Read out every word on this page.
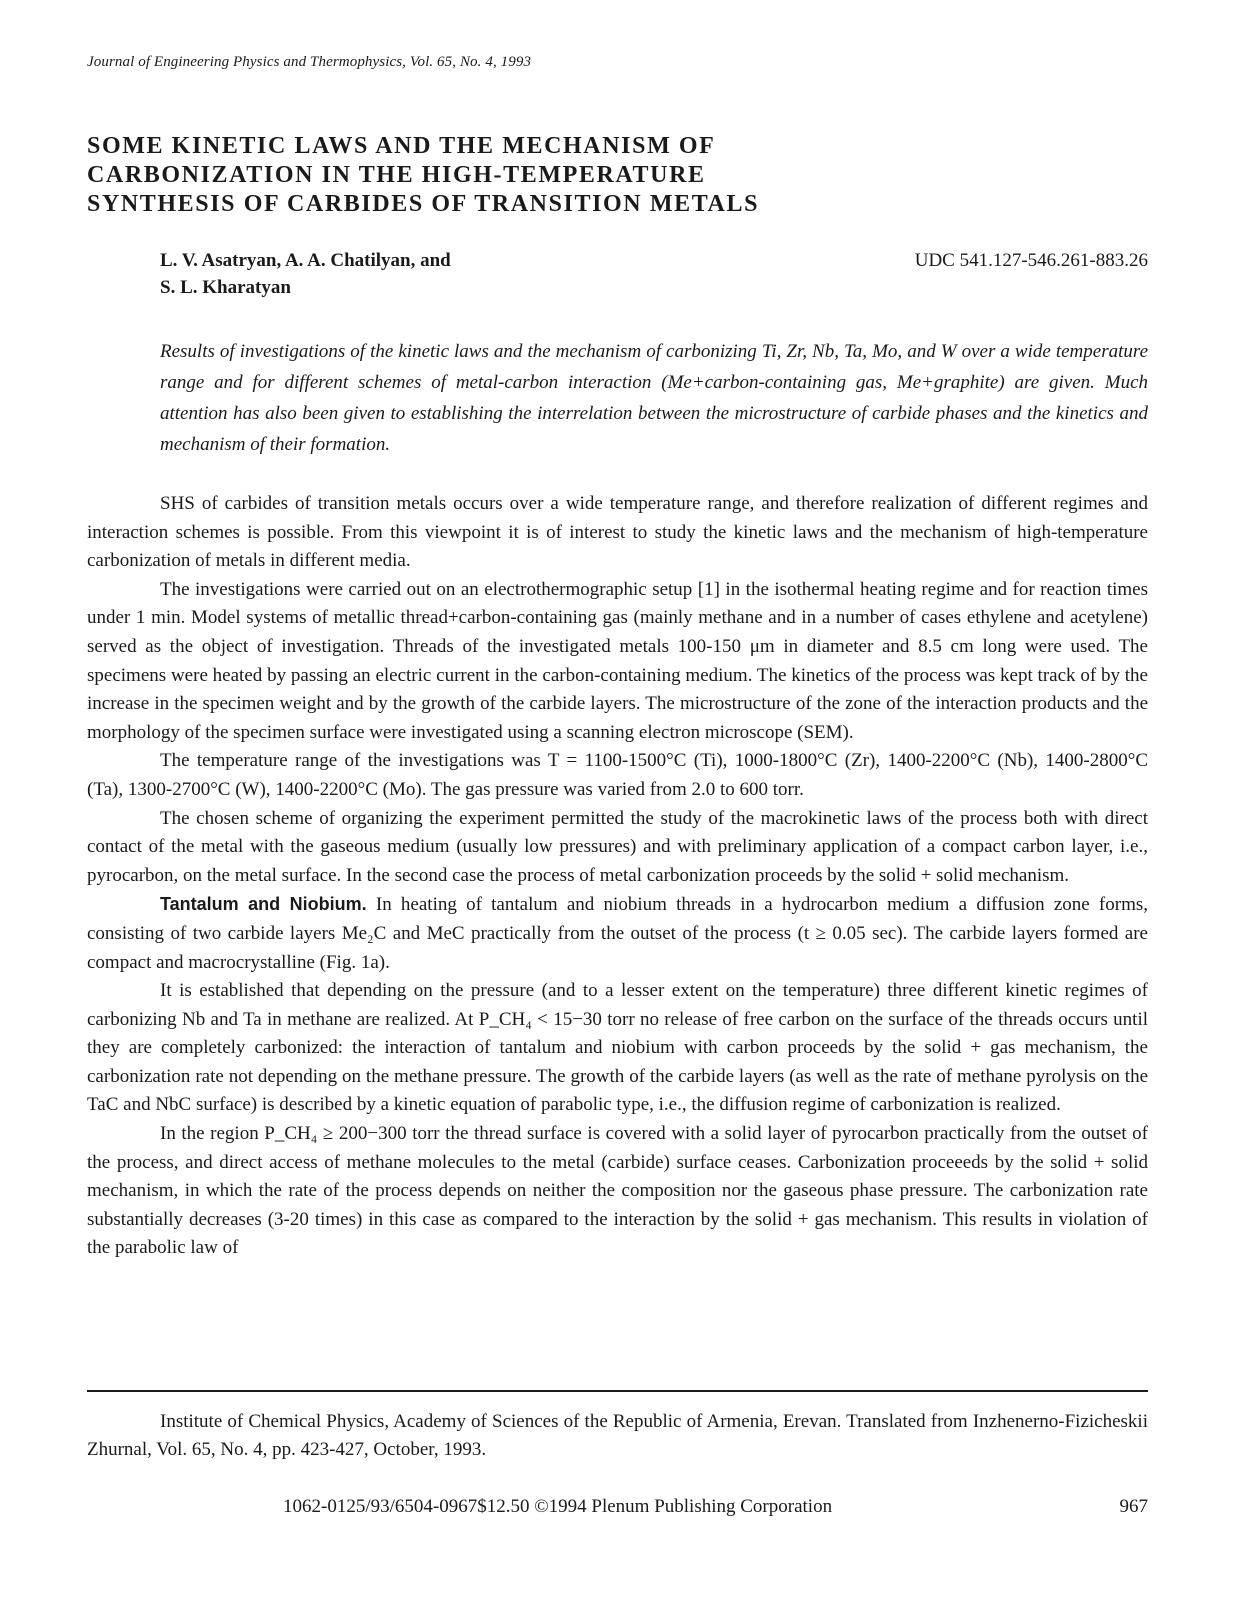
Journal of Engineering Physics and Thermophysics, Vol. 65, No. 4, 1993
SOME KINETIC LAWS AND THE MECHANISM OF
CARBONIZATION IN THE HIGH-TEMPERATURE
SYNTHESIS OF CARBIDES OF TRANSITION METALS
L. V. Asatryan, A. A. Chatilyan, and
S. L. Kharatyan
UDC 541.127-546.261-883.26

Results of investigations of the kinetic laws and the mechanism of carbonizing Ti, Zr, Nb, Ta, Mo, and W over a wide temperature range and for different schemes of metal-carbon interaction (Me+carbon-containing gas, Me+graphite) are given. Much attention has also been given to establishing the interrelation between the microstructure of carbide phases and the kinetics and mechanism of their formation.

SHS of carbides of transition metals occurs over a wide temperature range, and therefore realization of different regimes and interaction schemes is possible. From this viewpoint it is of interest to study the kinetic laws and the mechanism of high-temperature carbonization of metals in different media.

The investigations were carried out on an electrothermographic setup [1] in the isothermal heating regime and for reaction times under 1 min. Model systems of metallic thread+carbon-containing gas (mainly methane and in a number of cases ethylene and acetylene) served as the object of investigation. Threads of the investigated metals 100-150 μm in diameter and 8.5 cm long were used. The specimens were heated by passing an electric current in the carbon-containing medium. The kinetics of the process was kept track of by the increase in the specimen weight and by the growth of the carbide layers. The microstructure of the zone of the interaction products and the morphology of the specimen surface were investigated using a scanning electron microscope (SEM).

The temperature range of the investigations was T = 1100-1500°C (Ti), 1000-1800°C (Zr), 1400-2200°C (Nb), 1400-2800°C (Ta), 1300-2700°C (W), 1400-2200°C (Mo). The gas pressure was varied from 2.0 to 600 torr.

The chosen scheme of organizing the experiment permitted the study of the macrokinetic laws of the process both with direct contact of the metal with the gaseous medium (usually low pressures) and with preliminary application of a compact carbon layer, i.e., pyrocarbon, on the metal surface. In the second case the process of metal carbonization proceeds by the solid + solid mechanism.

Tantalum and Niobium. In heating of tantalum and niobium threads in a hydrocarbon medium a diffusion zone forms, consisting of two carbide layers Me₂C and MeC practically from the outset of the process (t ≥ 0.05 sec). The carbide layers formed are compact and macrocrystalline (Fig. 1a).

It is established that depending on the pressure (and to a lesser extent on the temperature) three different kinetic regimes of carbonizing Nb and Ta in methane are realized. At P_CH₄ < 15−30 torr no release of free carbon on the surface of the threads occurs until they are completely carbonized: the interaction of tantalum and niobium with carbon proceeds by the solid + gas mechanism, the carbonization rate not depending on the methane pressure. The growth of the carbide layers (as well as the rate of methane pyrolysis on the TaC and NbC surface) is described by a kinetic equation of parabolic type, i.e., the diffusion regime of carbonization is realized.

In the region P_CH₄ ≥ 200−300 torr the thread surface is covered with a solid layer of pyrocarbon practically from the outset of the process, and direct access of methane molecules to the metal (carbide) surface ceases. Carbonization proceeeds by the solid + solid mechanism, in which the rate of the process depends on neither the composition nor the gaseous phase pressure. The carbonization rate substantially decreases (3-20 times) in this case as compared to the interaction by the solid + gas mechanism. This results in violation of the parabolic law of

Institute of Chemical Physics, Academy of Sciences of the Republic of Armenia, Erevan. Translated from Inzhenerno-Fizicheskii Zhurnal, Vol. 65, No. 4, pp. 423-427, October, 1993.

1062-0125/93/6504-0967$12.50 ©1994 Plenum Publishing Corporation	967
